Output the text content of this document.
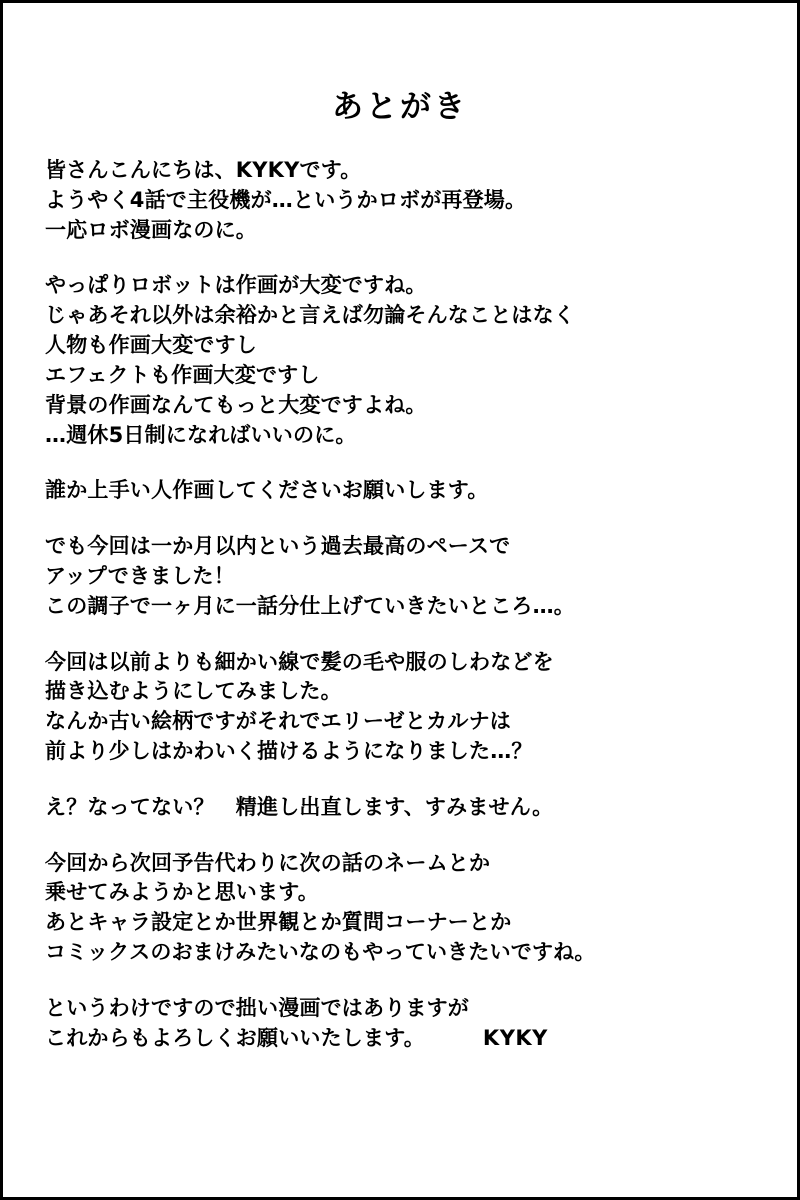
あとがき
皆さんこんにちは、KYKYです。
ようやく4話で主役機が…というかロボが再登場。
一応ロボ漫画なのに。
やっぱりロボットは作画が大変ですね。
じゃあそれ以外は余裕かと言えば勿論そんなことはなく
人物も作画大変ですし
エフェクトも作画大変ですし
背景の作画なんてもっと大変ですよね。
…週休5日制になればいいのに。
誰か上手い人作画してくださいお願いします。
でも今回は一か月以内という過去最高のペースで
アップできました！
この調子で一ヶ月に一話分仕上げていきたいところ…。
今回は以前よりも細かい線で髪の毛や服のしわなどを
描き込むようにしてみました。
なんか古い絵柄ですがそれでエリーゼとカルナは
前より少しはかわいく描けるようになりました…？
え？なってない？　精進し出直します、すみません。
今回から次回予告代わりに次の話のネームとか
乗せてみようかと思います。
あとキャラ設定とか世界観とか質問コーナーとか
コミックスのおまけみたいなのもやっていきたいですね。
というわけですので拙い漫画ではありますが
これからもよろしくお願いいたします。	KYKY
